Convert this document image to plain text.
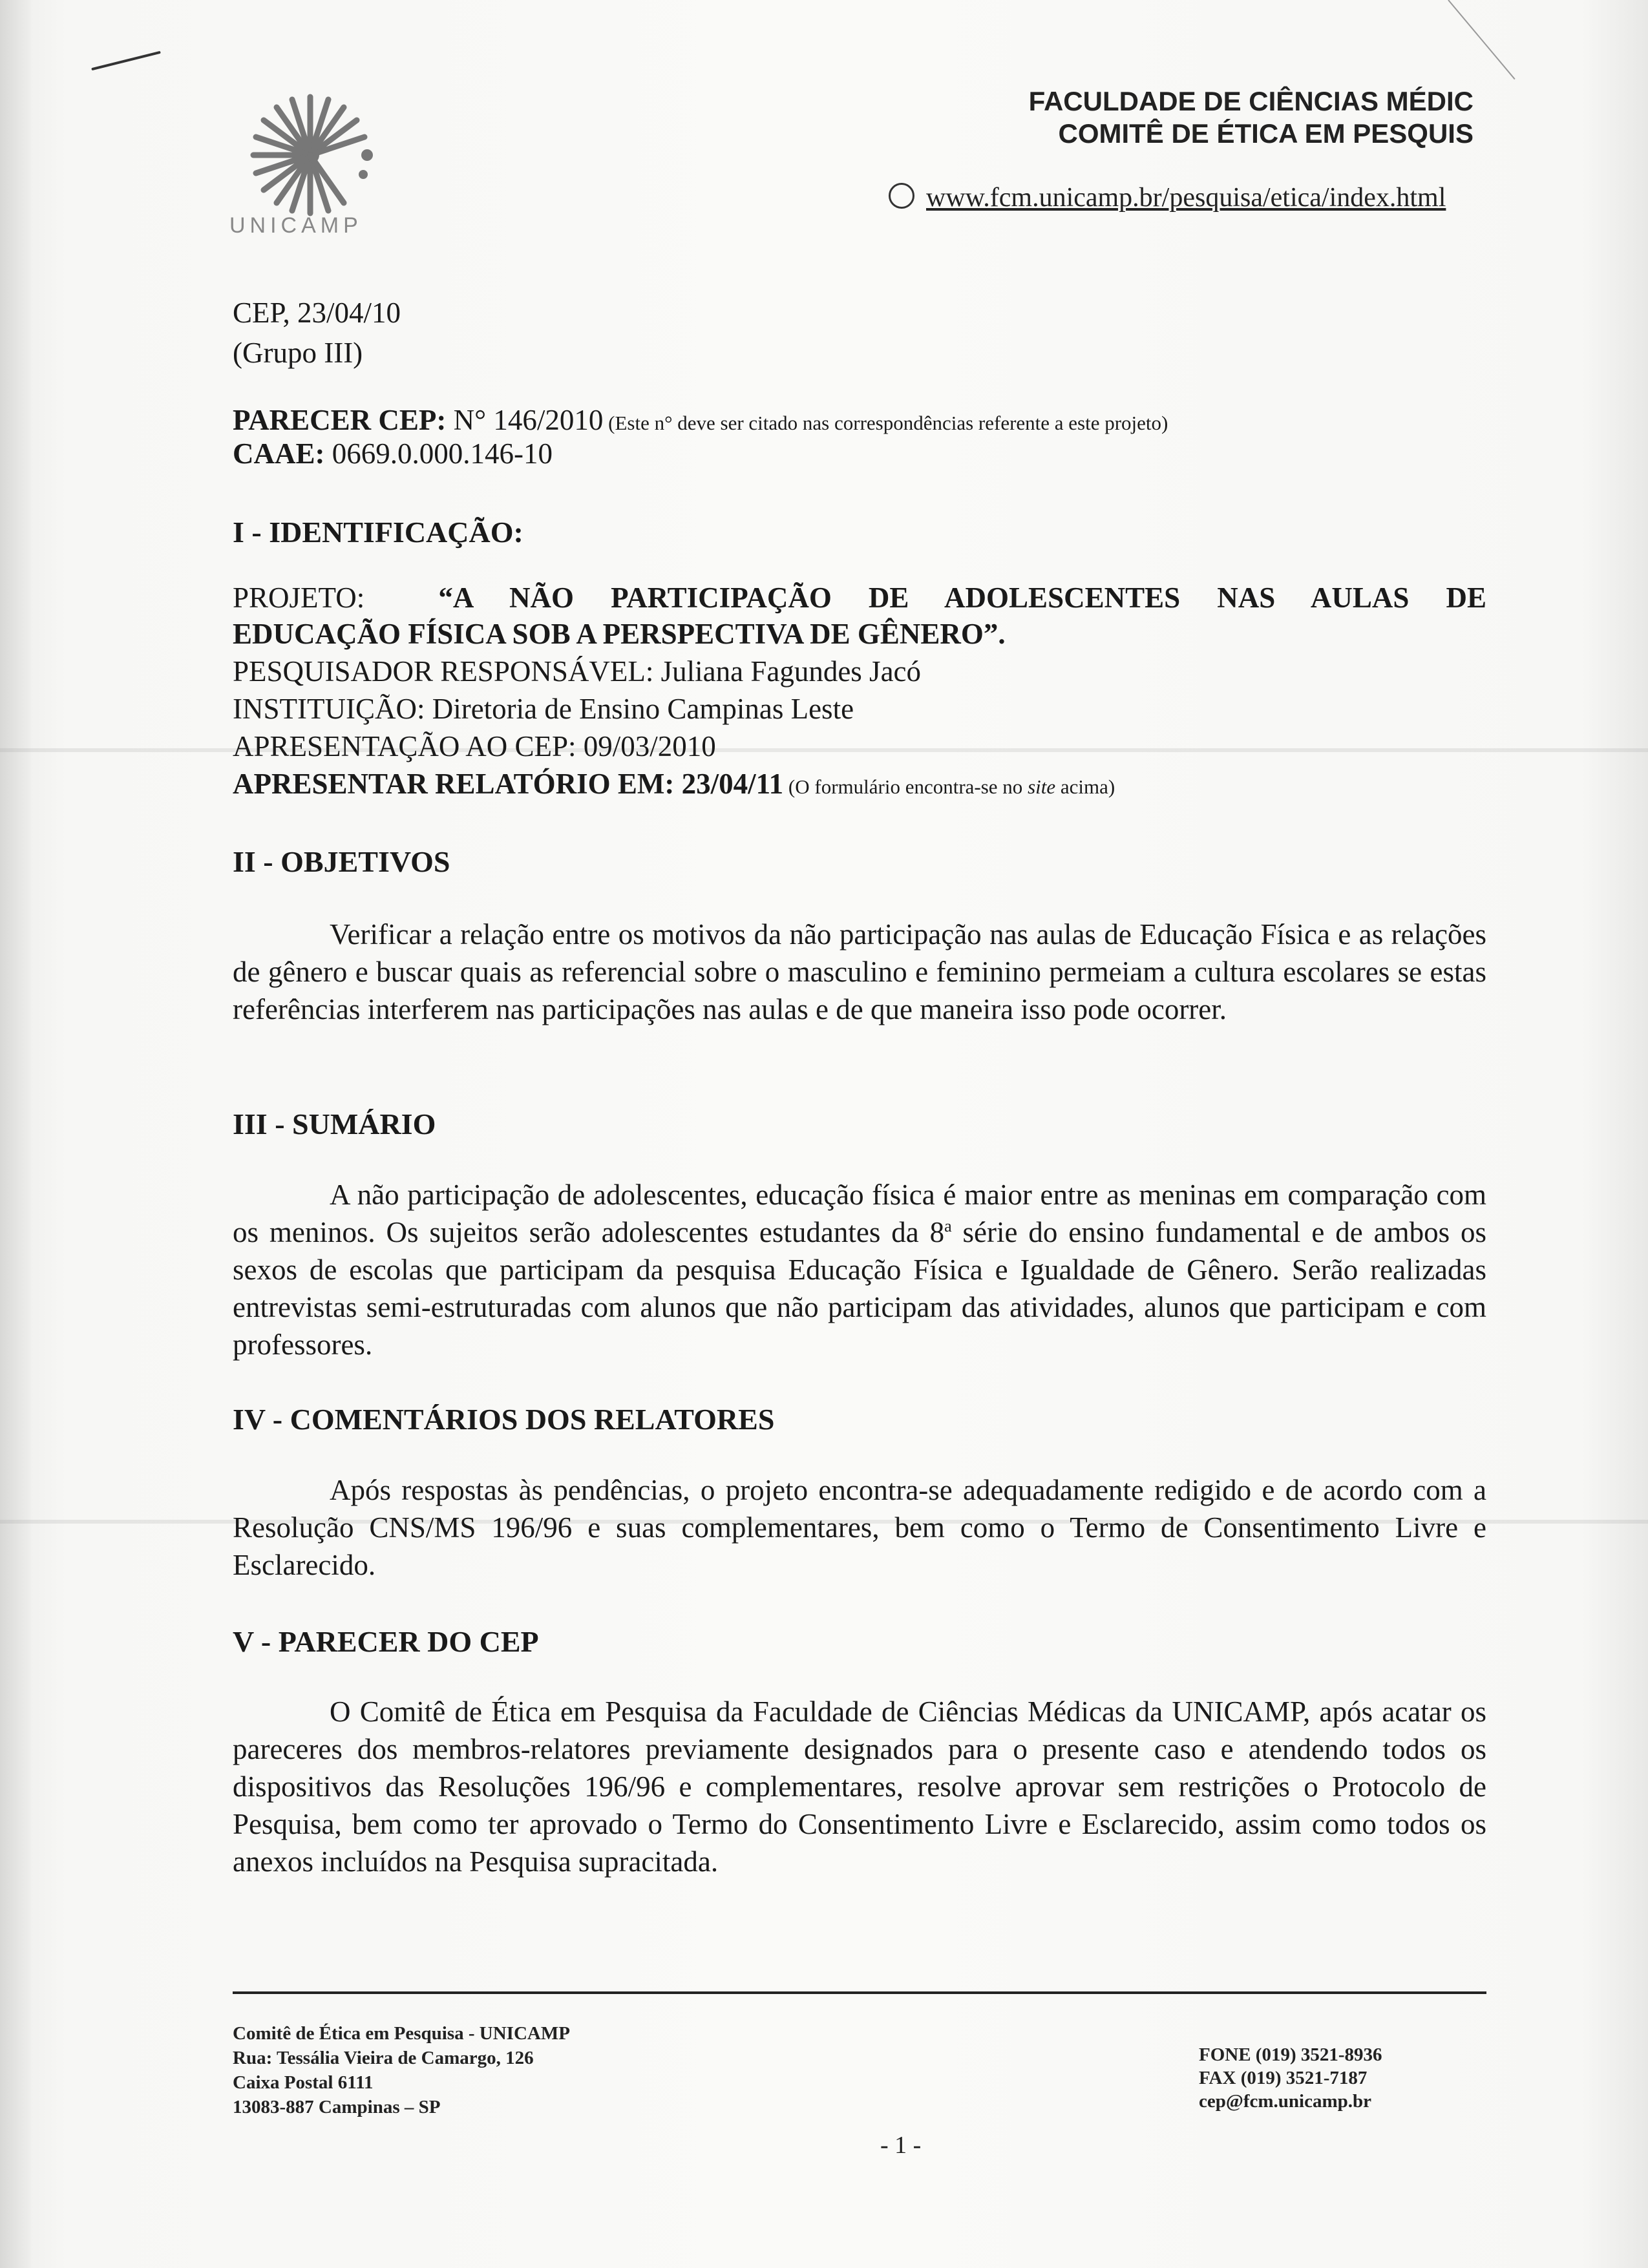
UNICAMP
FACULDADE DE CIÊNCIAS MÉDIC
COMITÊ DE ÉTICA EM PESQUIS
www.fcm.unicamp.br/pesquisa/etica/index.html
CEP, 23/04/10
(Grupo III)
PARECER CEP: N° 146/2010 (Este n° deve ser citado nas correspondências referente a este projeto)
CAAE: 0669.0.000.146-10
I - IDENTIFICAÇÃO:
PROJETO:	“A NÃO PARTICIPAÇÃO DE ADOLESCENTES NAS AULAS DE
EDUCAÇÃO FÍSICA SOB A PERSPECTIVA DE GÊNERO”.
PESQUISADOR RESPONSÁVEL: Juliana Fagundes Jacó
INSTITUIÇÃO: Diretoria de Ensino Campinas Leste
APRESENTAÇÃO AO CEP: 09/03/2010
APRESENTAR RELATÓRIO EM: 23/04/11 (O formulário encontra-se no site acima)
II - OBJETIVOS
Verificar a relação entre os motivos da não participação nas aulas de Educação Física e as relações de gênero e buscar quais as referencial sobre o masculino e feminino permeiam a cultura escolares se estas referências interferem nas participações nas aulas e de que maneira isso pode ocorrer.
III - SUMÁRIO
A não participação de adolescentes, educação física é maior entre as meninas em comparação com os meninos. Os sujeitos serão adolescentes estudantes da 8$^a$ série do ensino fundamental e de ambos os sexos de escolas que participam da pesquisa Educação Física e Igualdade de Gênero. Serão realizadas entrevistas semi-estruturadas com alunos que não participam das atividades, alunos que participam e com professores.
IV - COMENTÁRIOS DOS RELATORES
Após respostas às pendências, o projeto encontra-se adequadamente redigido e de acordo com a Resolução CNS/MS 196/96 e suas complementares, bem como o Termo de Consentimento Livre e Esclarecido.
V - PARECER DO CEP
O Comitê de Ética em Pesquisa da Faculdade de Ciências Médicas da UNICAMP, após acatar os pareceres dos membros-relatores previamente designados para o presente caso e atendendo todos os dispositivos das Resoluções 196/96 e complementares, resolve aprovar sem restrições o Protocolo de Pesquisa, bem como ter aprovado o Termo do Consentimento Livre e Esclarecido, assim como todos os anexos incluídos na Pesquisa supracitada.
Comitê de Ética em Pesquisa - UNICAMP
Rua: Tessália Vieira de Camargo, 126
Caixa Postal 6111
13083-887 Campinas – SP
FONE (019) 3521-8936
FAX (019) 3521-7187
cep@fcm.unicamp.br
- 1 -
